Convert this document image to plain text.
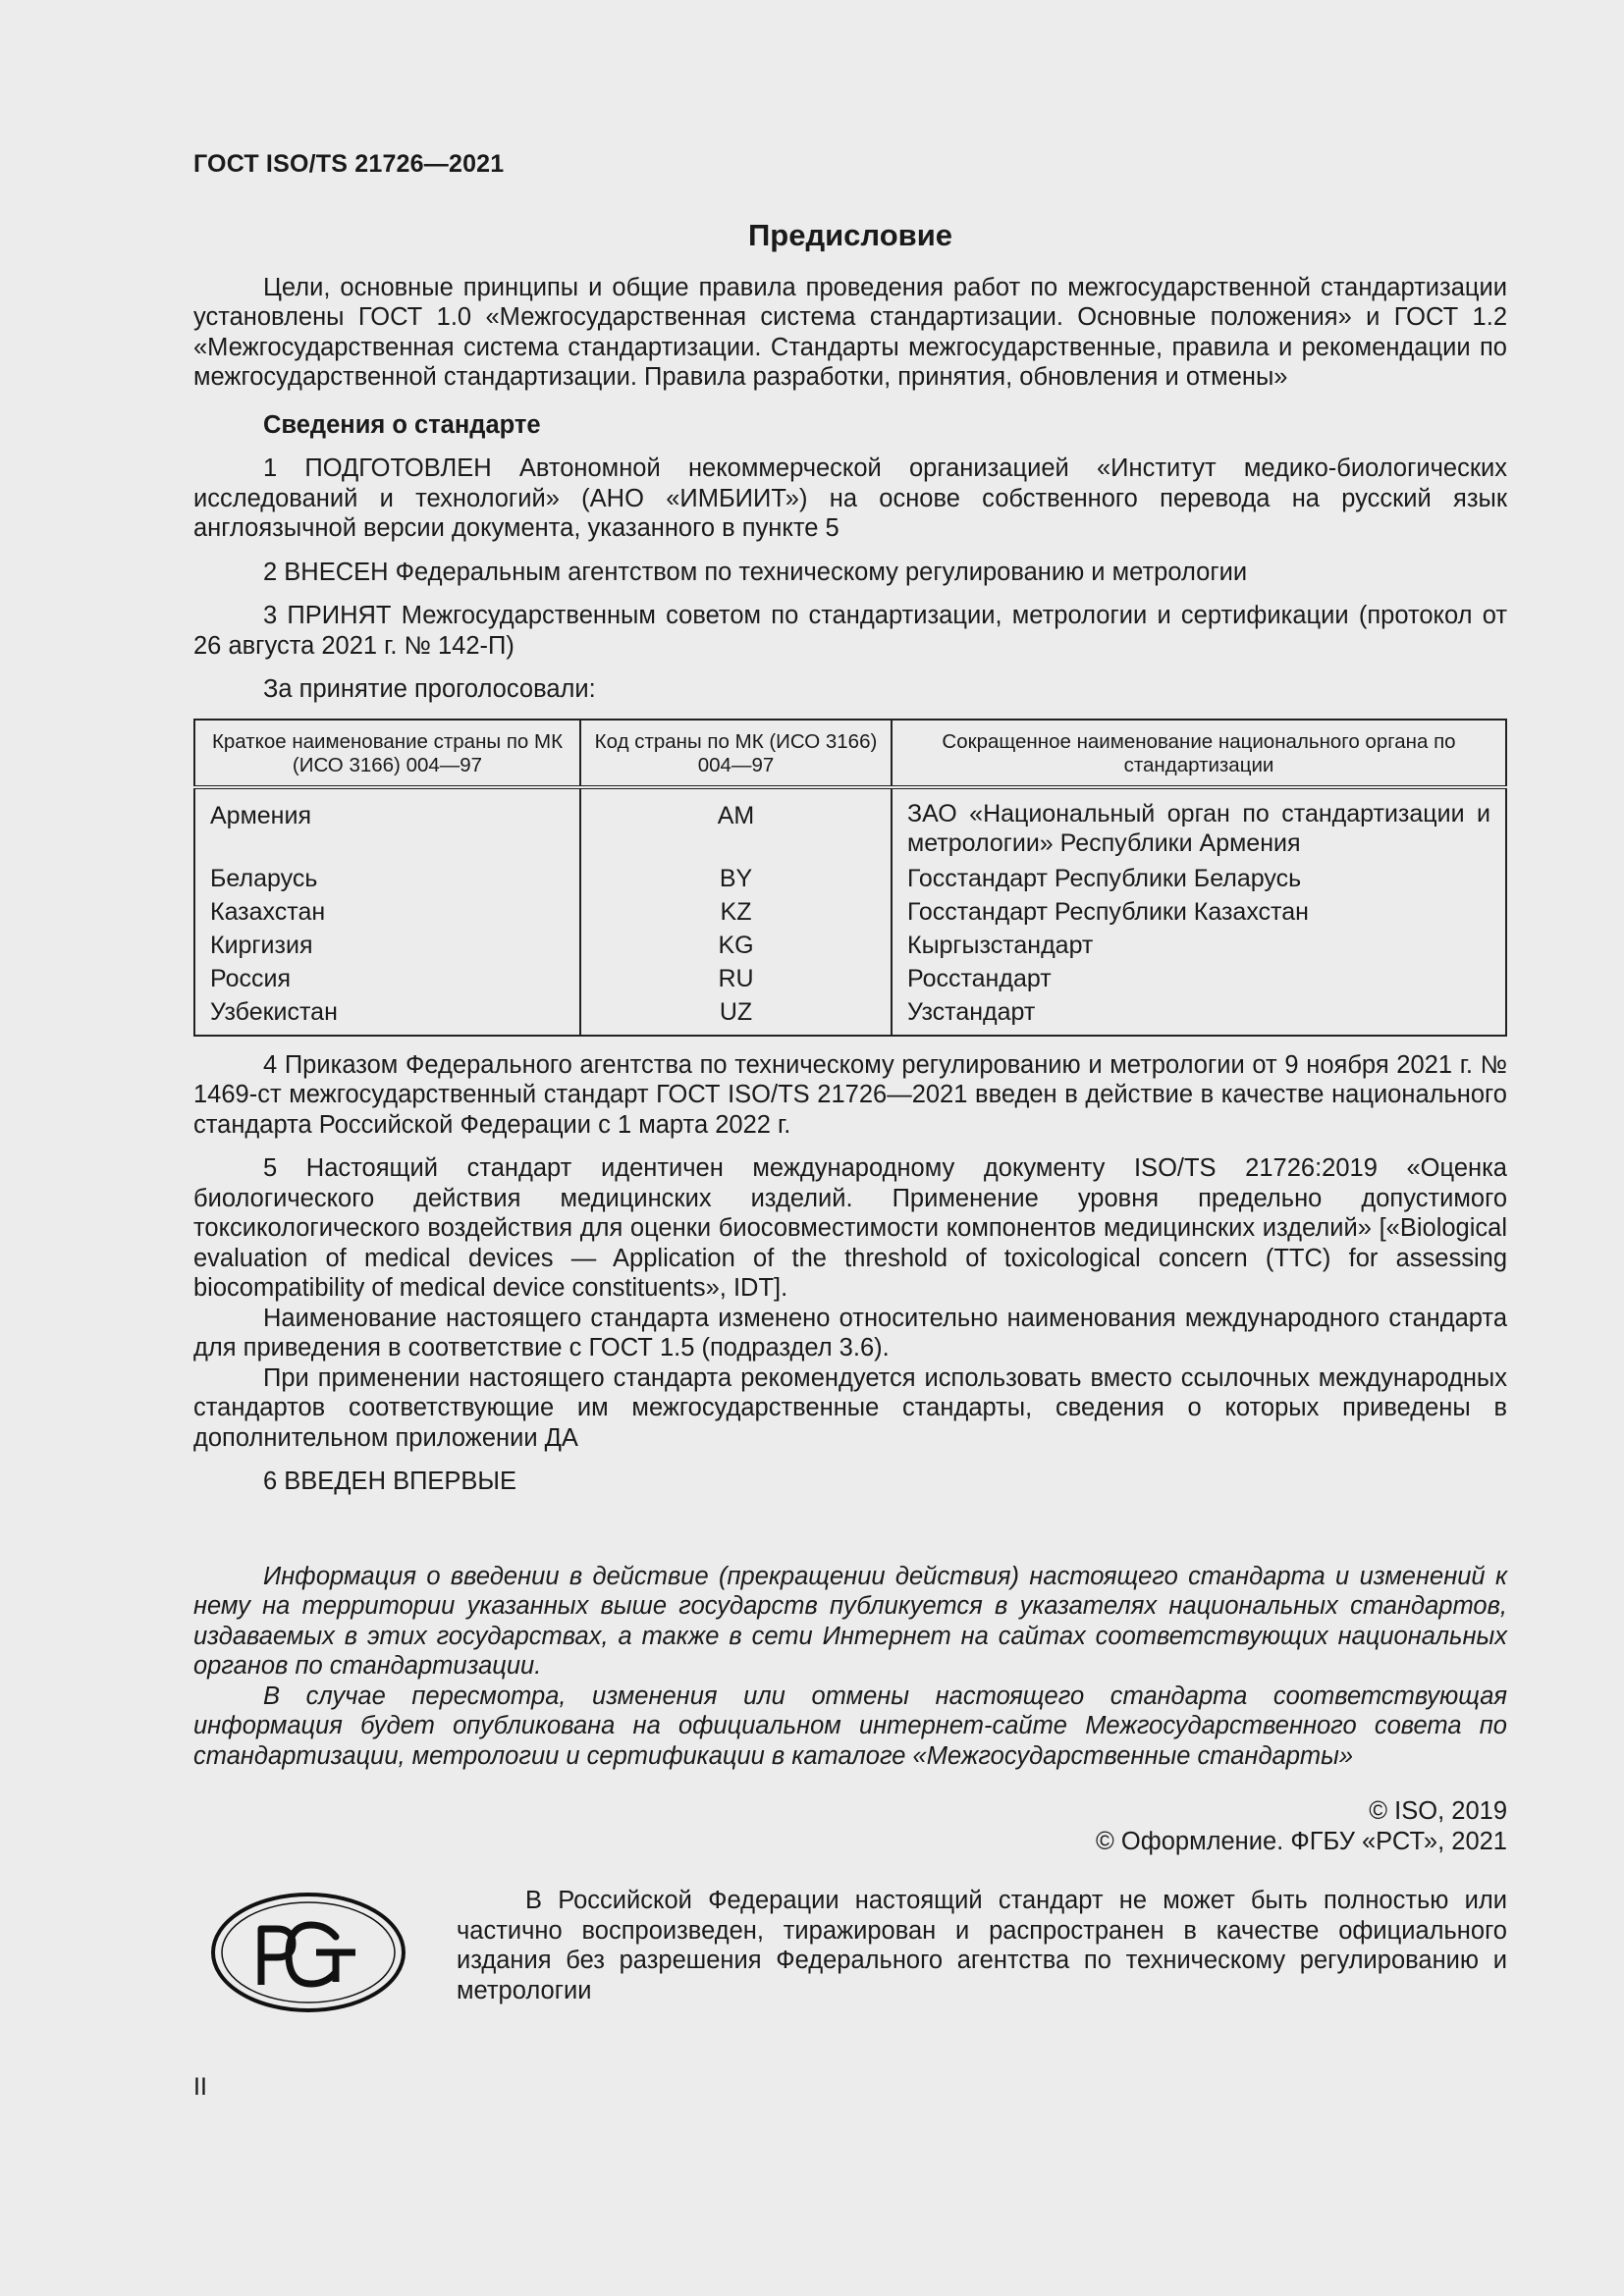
ГОСТ ISO/TS 21726—2021
Предисловие

Цели, основные принципы и общие правила проведения работ по межгосударственной стандартизации установлены ГОСТ 1.0 «Межгосударственная система стандартизации. Основные положения» и ГОСТ 1.2 «Межгосударственная система стандартизации. Стандарты межгосударственные, правила и рекомендации по межгосударственной стандартизации. Правила разработки, принятия, обновления и отмены»

Сведения о стандарте

1 ПОДГОТОВЛЕН Автономной некоммерческой организацией «Институт медико-биологических исследований и технологий» (АНО «ИМБИИТ») на основе собственного перевода на русский язык англоязычной версии документа, указанного в пункте 5

2 ВНЕСЕН Федеральным агентством по техническому регулированию и метрологии

3 ПРИНЯТ Межгосударственным советом по стандартизации, метрологии и сертификации (протокол от 26 августа 2021 г. № 142-П)

За принятие проголосовали:

Краткое наименование страны по МК (ИСО 3166) 004—97	Код страны по МК (ИСО 3166) 004—97	Сокращенное наименование национального органа по стандартизации
Армения	AM	ЗАО «Национальный орган по стандартизации и метрологии» Республики Армения
Беларусь	BY	Госстандарт Республики Беларусь
Казахстан	KZ	Госстандарт Республики Казахстан
Киргизия	KG	Кыргызстандарт
Россия	RU	Росстандарт
Узбекистан	UZ	Узстандарт

4 Приказом Федерального агентства по техническому регулированию и метрологии от 9 ноября 2021 г. № 1469-ст межгосударственный стандарт ГОСТ ISO/TS 21726—2021 введен в действие в качестве национального стандарта Российской Федерации с 1 марта 2022 г.

5 Настоящий стандарт идентичен международному документу ISO/TS 21726:2019 «Оценка биологического действия медицинских изделий. Применение уровня предельно допустимого токсикологического воздействия для оценки биосовместимости компонентов медицинских изделий» [«Biological evaluation of medical devices — Application of the threshold of toxicological concern (TTC) for assessing biocompatibility of medical device constituents», IDT].

Наименование настоящего стандарта изменено относительно наименования международного стандарта для приведения в соответствие с ГОСТ 1.5 (подраздел 3.6).

При применении настоящего стандарта рекомендуется использовать вместо ссылочных международных стандартов соответствующие им межгосударственные стандарты, сведения о которых приведены в дополнительном приложении ДА

6 ВВЕДЕН ВПЕРВЫЕ

Информация о введении в действие (прекращении действия) настоящего стандарта и изменений к нему на территории указанных выше государств публикуется в указателях национальных стандартов, издаваемых в этих государствах, а также в сети Интернет на сайтах соответствующих национальных органов по стандартизации.

В случае пересмотра, изменения или отмены настоящего стандарта соответствующая информация будет опубликована на официальном интернет-сайте Межгосударственного совета по стандартизации, метрологии и сертификации в каталоге «Межгосударственные стандарты»

© ISO, 2019
© Оформление. ФГБУ «РСТ», 2021
В Российской Федерации настоящий стандарт не может быть полностью или частично воспроизведен, тиражирован и распространен в качестве официального издания без разрешения Федерального агентства по техническому регулированию и метрологии
II
